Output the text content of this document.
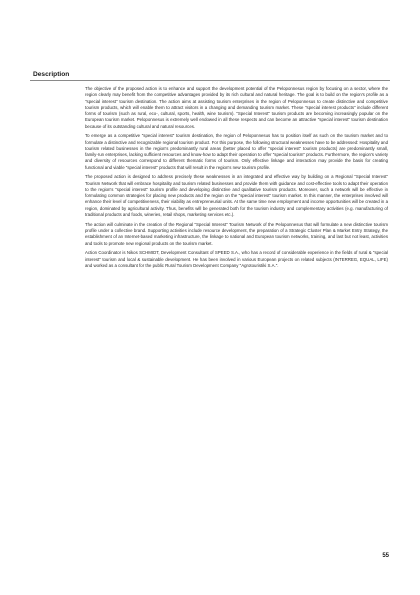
Description

The objective of the proposed action is to enhance and support the development potential of the Peloponnesus region by focusing on a sector, where the region clearly may benefit from the competitive advantages provided by its rich cultural and natural heritage. The goal is to build on the region's profile as a "special interest" tourism destination. The action aims at assisting tourism enterprises in the region of Peloponnesus to create distinctive and competitive tourism products, which will enable them to attract visitors in a changing and demanding tourism market. These "special interest products" include different forms of tourism (such as rural, eco-, cultural, sports, health, wine tourism). "Special Interest" tourism products are becoming increasingly popular on the European tourism market. Peloponnesus is extremely well endowed in all these respects and can become an attractive "special interest" tourism destination because of its outstanding cultural and natural resources.

To emerge as a competitive "special interest" tourism destination, the region of Peloponnesus has to position itself as such on the tourism market and to formulate a distinctive and recognizable regional tourism product. For this purpose, the following structural weaknesses have to be addressed: Hospitality and tourism related businesses in the region's predominantly rural areas (better placed to offer "special interest" tourism products) are predominantly small, family-run enterprises, lacking sufficient resources and know-how to adapt their operation to offer "special tourism" products. Furthermore, the region's variety and diversity of resources correspond to different thematic forms of tourism. Only effective linkage and interaction may provide the basis for creating functional and viable "special interest" products that will result in the region's new tourism profile.

The proposed action is designed to address precisely these weaknesses in an integrated and effective way by building on a Regional "Special Interest" Tourism Network that will embrace hospitality and tourism related businesses and provide them with guidance and cost-effective tools to adapt their operation to the region's "special interest" tourism profile and developing distinctive and qualitative tourism products. Moreover, such a network will be effective in formulating common strategies for placing new products and the region on the "special interest" tourism market. In this manner, the enterprises involved will enhance their level of competitiveness, their viability as entrepreneurial units. At the same time new employment and income opportunities will be created in a region, dominated by agricultural activity. Thus, benefits will be generated both for the tourism industry and complementary activities (e.g. manufacturing of traditional products and foods, wineries, retail shops, marketing services etc.).

The action will culminate in the creation of the Regional "Special Interest" Tourism Network of the Peloponnesus that will formulate a new distinctive tourism profile under a collective brand. Supporting activities include resource development, the preparation of a Strategic Cluster Plan & Market Entry Strategy, the establishment of an Internet-based marketing infrastructure, the linkage to national and European tourism networks, training, and last but not least, activities and tools to promote new regional products on the tourism market.

Action Coordinator is Nikos SCHMIDT, Development Consultant of SPEED S.A., who has a record of considerable experience in the fields of rural & "special interest" tourism and local & sustainable development. He has been involved in various European projects on related subjects (INTERREG, EQUAL, LIFE) and worked as a consultant for the public Rural Tourism Development Company "Agrotouristiki S.A.".

55
